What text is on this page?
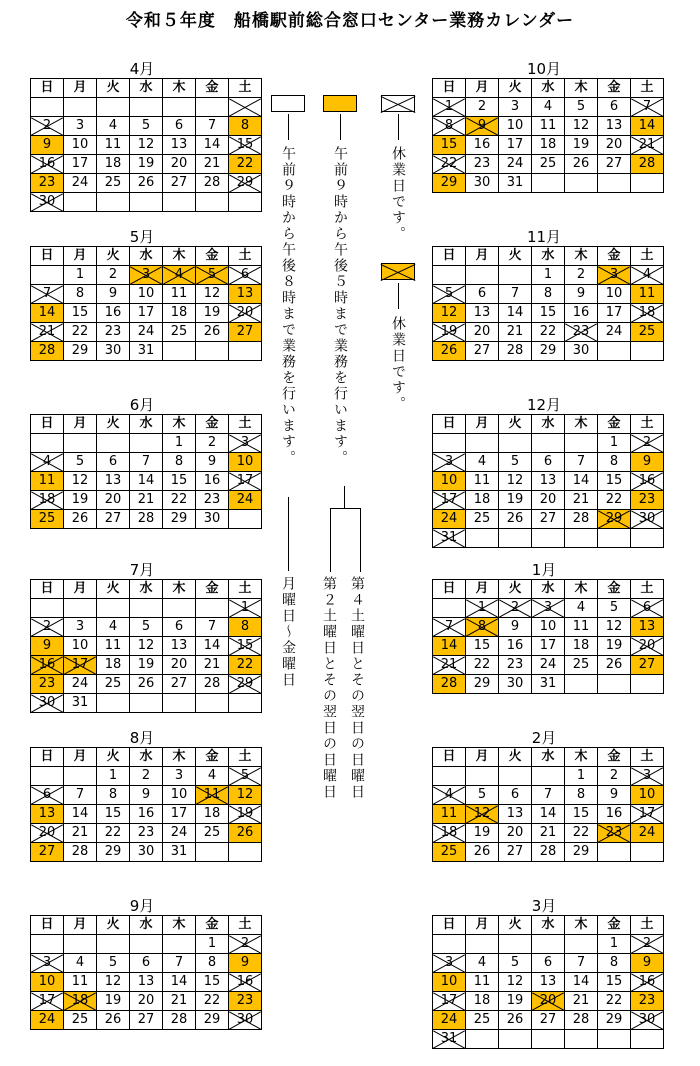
令和５年度　船橋駅前総合窓口センター業務カレンダー
4月
日	月	火	水	木	金	土

2	3	4	5	6	7	8
9	10	11	12	13	14	15
16	17	18	19	20	21	22
23	24	25	26	27	28	29
30						
5月
日	月	火	水	木	金	土
	1	2	3	4	5	6
7	8	9	10	11	12	13
14	15	16	17	18	19	20
21	22	23	24	25	26	27
28	29	30	31			
6月
日	月	火	水	木	金	土
				1	2	3
4	5	6	7	8	9	10
11	12	13	14	15	16	17
18	19	20	21	22	23	24
25	26	27	28	29	30	
7月
日	月	火	水	木	金	土
						1
2	3	4	5	6	7	8
9	10	11	12	13	14	15
16	17	18	19	20	21	22
23	24	25	26	27	28	29
30	31					
8月
日	月	火	水	木	金	土
		1	2	3	4	5
6	7	8	9	10	11	12
13	14	15	16	17	18	19
20	21	22	23	24	25	26
27	28	29	30	31		
9月
日	月	火	水	木	金	土
					1	2
3	4	5	6	7	8	9
10	11	12	13	14	15	16
17	18	19	20	21	22	23
24	25	26	27	28	29	30
10月
日	月	火	水	木	金	土
1	2	3	4	5	6	7
8	9	10	11	12	13	14
15	16	17	18	19	20	21
22	23	24	25	26	27	28
29	30	31				
11月
日	月	火	水	木	金	土
			1	2	3	4
5	6	7	8	9	10	11
12	13	14	15	16	17	18
19	20	21	22	23	24	25
26	27	28	29	30		
12月
日	月	火	水	木	金	土
					1	2
3	4	5	6	7	8	9
10	11	12	13	14	15	16
17	18	19	20	21	22	23
24	25	26	27	28	29	30
31						
1月
日	月	火	水	木	金	土
	1	2	3	4	5	6
7	8	9	10	11	12	13
14	15	16	17	18	19	20
21	22	23	24	25	26	27
28	29	30	31			
2月
日	月	火	水	木	金	土
				1	2	3
4	5	6	7	8	9	10
11	12	13	14	15	16	17
18	19	20	21	22	23	24
25	26	27	28	29		
3月
日	月	火	水	木	金	土
					1	2
3	4	5	6	7	8	9
10	11	12	13	14	15	16
17	18	19	20	21	22	23
24	25	26	27	28	29	30
31						
午前９時から午後８時まで業務を行います。	午前９時から午後５時まで業務を行います。	休業日です。
休業日です。
月曜日～金曜日	第４土曜日とその翌日の日曜日
第２土曜日とその翌日の日曜日
